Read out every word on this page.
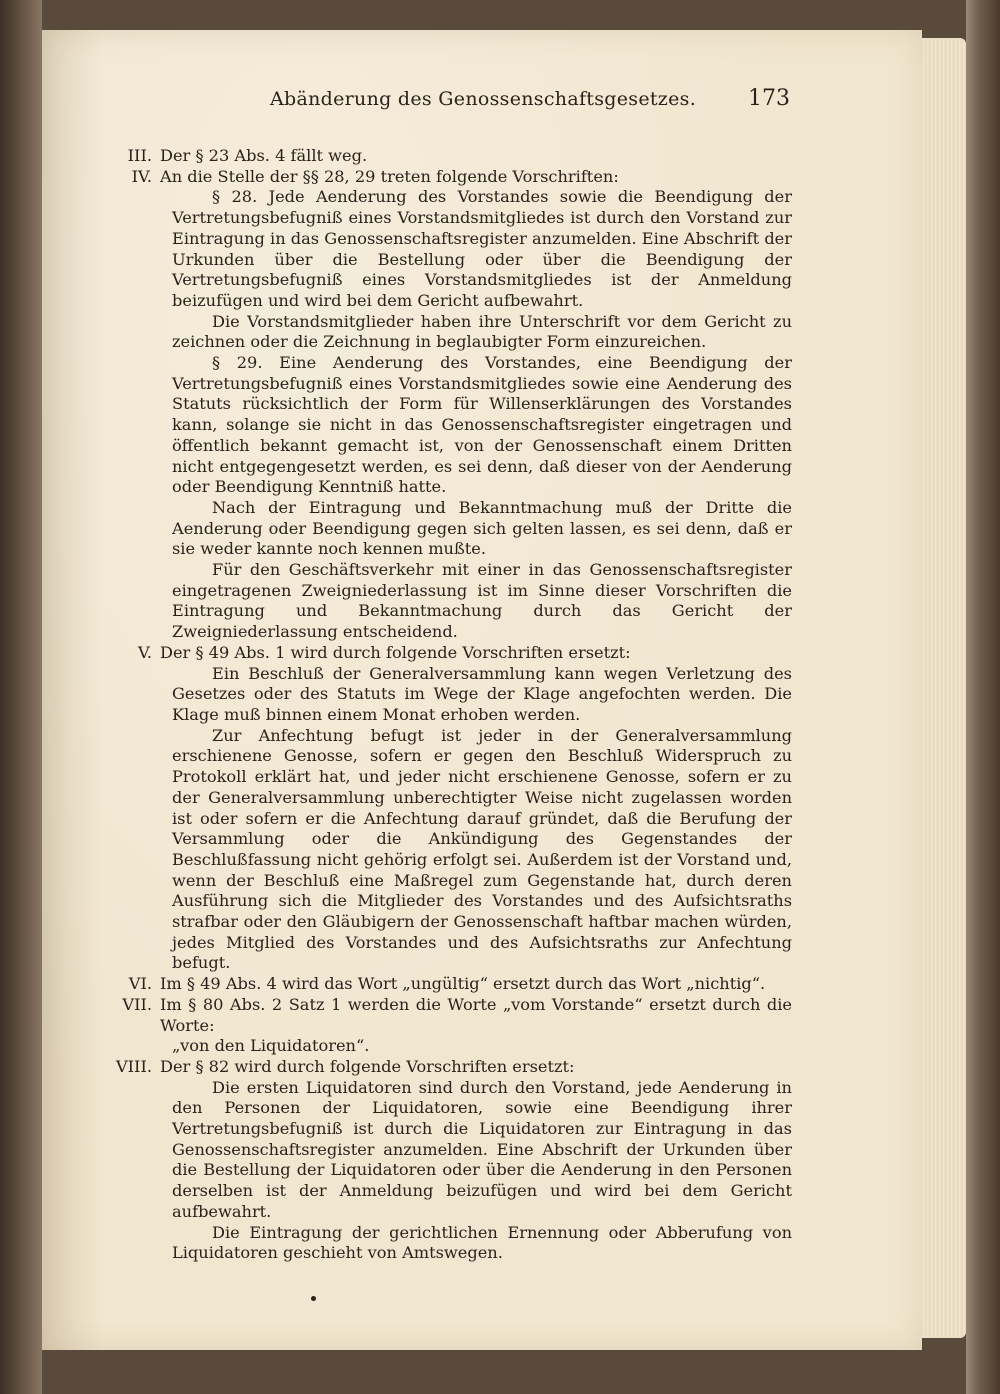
Abänderung des Genossenschaftsgesetzes. 173
III. Der § 23 Abs. 4 fällt weg.
IV. An die Stelle der §§ 28, 29 treten folgende Vorschriften:

§ 28. Jede Aenderung des Vorstandes sowie die Beendigung der Vertretungsbefugniß eines Vorstandsmitgliedes ist durch den Vorstand zur Eintragung in das Genossenschaftsregister anzumelden. Eine Abschrift der Urkunden über die Bestellung oder über die Beendigung der Vertretungsbefugniß eines Vorstandsmitgliedes ist der Anmeldung beizufügen und wird bei dem Gericht aufbewahrt.

Die Vorstandsmitglieder haben ihre Unterschrift vor dem Gericht zu zeichnen oder die Zeichnung in beglaubigter Form einzureichen.

§ 29. Eine Aenderung des Vorstandes, eine Beendigung der Vertretungsbefugniß eines Vorstandsmitgliedes sowie eine Aenderung des Statuts rücksichtlich der Form für Willenserklärungen des Vorstandes kann, solange sie nicht in das Genossenschaftsregister eingetragen und öffentlich bekannt gemacht ist, von der Genossenschaft einem Dritten nicht entgegengesetzt werden, es sei denn, daß dieser von der Aenderung oder Beendigung Kenntniß hatte.

Nach der Eintragung und Bekanntmachung muß der Dritte die Aenderung oder Beendigung gegen sich gelten lassen, es sei denn, daß er sie weder kannte noch kennen mußte.

Für den Geschäftsverkehr mit einer in das Genossenschaftsregister eingetragenen Zweigniederlassung ist im Sinne dieser Vorschriften die Eintragung und Bekanntmachung durch das Gericht der Zweigniederlassung entscheidend.

V. Der § 49 Abs. 1 wird durch folgende Vorschriften ersetzt:

Ein Beschluß der Generalversammlung kann wegen Verletzung des Gesetzes oder des Statuts im Wege der Klage angefochten werden. Die Klage muß binnen einem Monat erhoben werden.

Zur Anfechtung befugt ist jeder in der Generalversammlung erschienene Genosse, sofern er gegen den Beschluß Widerspruch zu Protokoll erklärt hat, und jeder nicht erschienene Genosse, sofern er zu der Generalversammlung unberechtigter Weise nicht zugelassen worden ist oder sofern er die Anfechtung darauf gründet, daß die Berufung der Versammlung oder die Ankündigung des Gegenstandes der Beschlußfassung nicht gehörig erfolgt sei. Außerdem ist der Vorstand und, wenn der Beschluß eine Maßregel zum Gegenstande hat, durch deren Ausführung sich die Mitglieder des Vorstandes und des Aufsichtsraths strafbar oder den Gläubigern der Genossenschaft haftbar machen würden, jedes Mitglied des Vorstandes und des Aufsichtsraths zur Anfechtung befugt.

VI. Im § 49 Abs. 4 wird das Wort „ungültig“ ersetzt durch das Wort „nichtig“.
VII. Im § 80 Abs. 2 Satz 1 werden die Worte „vom Vorstande“ ersetzt durch die Worte:

„von den Liquidatoren“.

VIII. Der § 82 wird durch folgende Vorschriften ersetzt:

Die ersten Liquidatoren sind durch den Vorstand, jede Aenderung in den Personen der Liquidatoren, sowie eine Beendigung ihrer Vertretungsbefugniß ist durch die Liquidatoren zur Eintragung in das Genossenschaftsregister anzumelden. Eine Abschrift der Urkunden über die Bestellung der Liquidatoren oder über die Aenderung in den Personen derselben ist der Anmeldung beizufügen und wird bei dem Gericht aufbewahrt.

Die Eintragung der gerichtlichen Ernennung oder Abberufung von Liquidatoren geschieht von Amtswegen.
